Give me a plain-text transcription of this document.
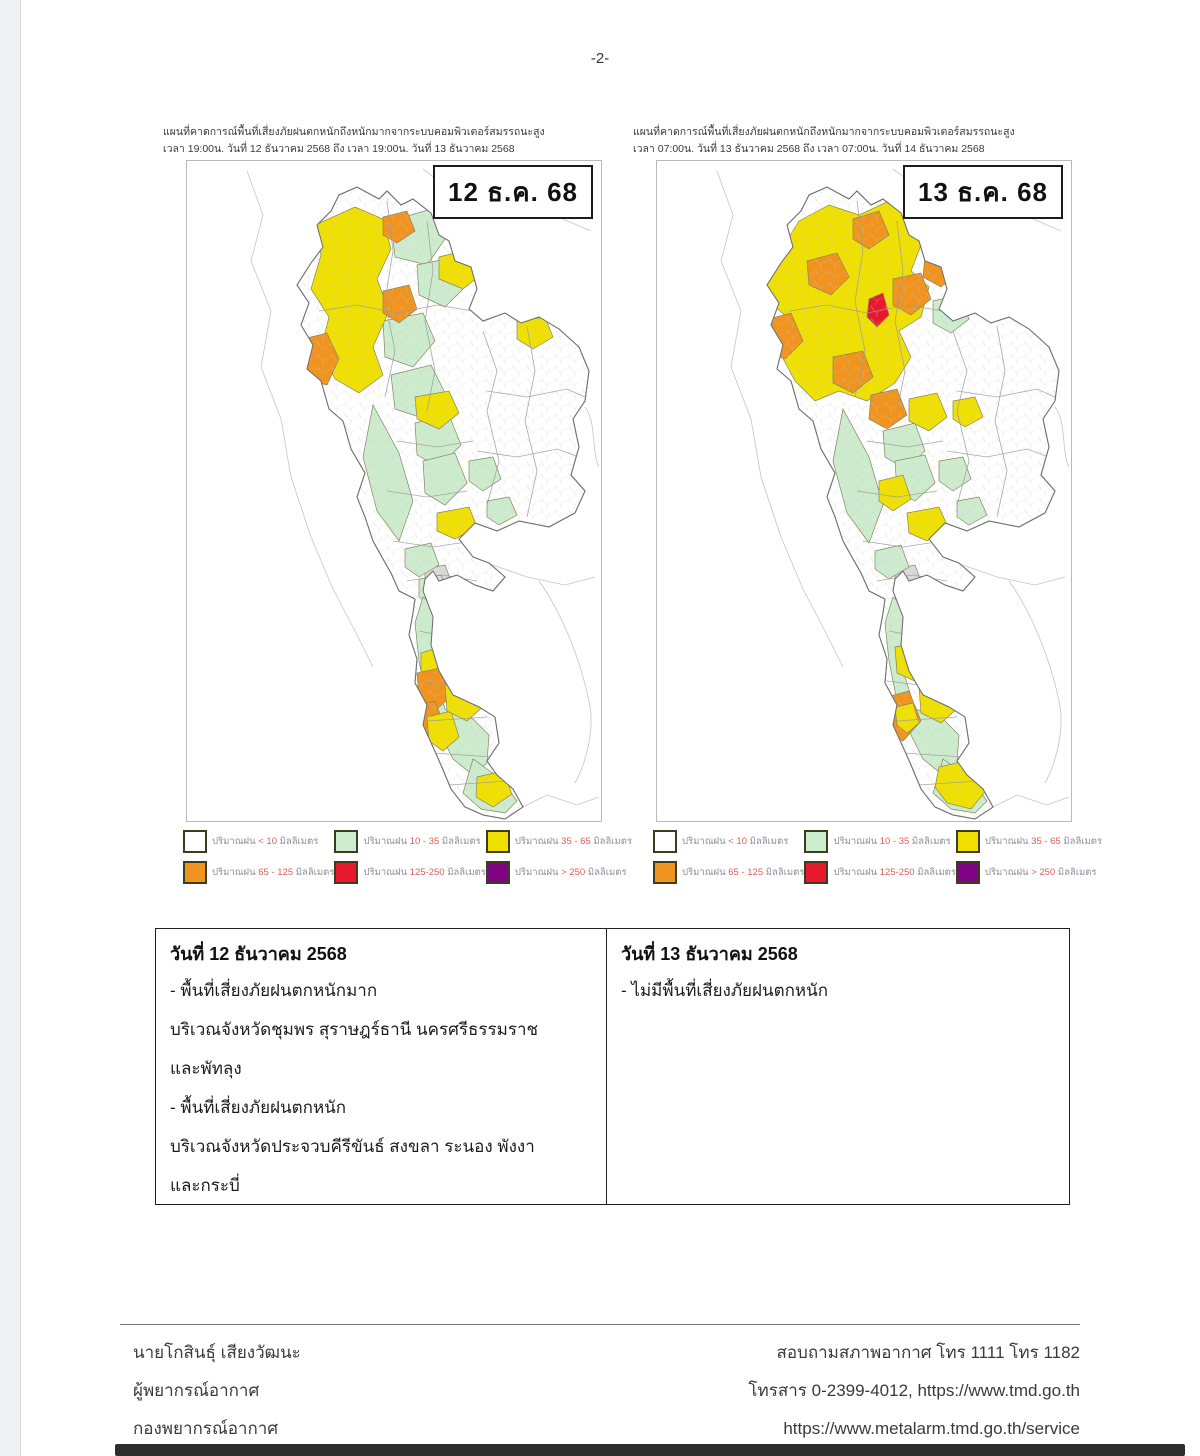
-2-
แผนที่คาดการณ์พื้นที่เสี่ยงภัยฝนตกหนักถึงหนักมากจากระบบคอมพิวเตอร์สมรรถนะสูง
เวลา 19:00น. วันที่ 12 ธันวาคม 2568 ถึง เวลา 19:00น. วันที่ 13 ธันวาคม 2568
12 ธ.ค. 68
ปริมาณฝน < 10 มิลลิเมตร	ปริมาณฝน 10 - 35 มิลลิเมตร	ปริมาณฝน 35 - 65 มิลลิเมตร
ปริมาณฝน 65 - 125 มิลลิเมตร	ปริมาณฝน 125-250 มิลลิเมตร	ปริมาณฝน > 250 มิลลิเมตร
แผนที่คาดการณ์พื้นที่เสี่ยงภัยฝนตกหนักถึงหนักมากจากระบบคอมพิวเตอร์สมรรถนะสูง
เวลา 07:00น. วันที่ 13 ธันวาคม 2568 ถึง เวลา 07:00น. วันที่ 14 ธันวาคม 2568
13 ธ.ค. 68
ปริมาณฝน < 10 มิลลิเมตร	ปริมาณฝน 10 - 35 มิลลิเมตร	ปริมาณฝน 35 - 65 มิลลิเมตร
ปริมาณฝน 65 - 125 มิลลิเมตร	ปริมาณฝน 125-250 มิลลิเมตร	ปริมาณฝน > 250 มิลลิเมตร
วันที่ 12 ธันวาคม 2568
- พื้นที่เสี่ยงภัยฝนตกหนักมาก
บริเวณจังหวัดชุมพร สุราษฎร์ธานี นครศรีธรรมราช
และพัทลุง
- พื้นที่เสี่ยงภัยฝนตกหนัก
บริเวณจังหวัดประจวบคีรีขันธ์ สงขลา ระนอง พังงา
และกระบี่
วันที่ 13 ธันวาคม 2568
- ไม่มีพื้นที่เสี่ยงภัยฝนตกหนัก
นายโกสินธุ์ เสียงวัฒนะ
ผู้พยากรณ์อากาศ
กองพยากรณ์อากาศ
สอบถามสภาพอากาศ โทร 1111 โทร 1182
โทรสาร 0-2399-4012, https://www.tmd.go.th
https://www.metalarm.tmd.go.th/service
